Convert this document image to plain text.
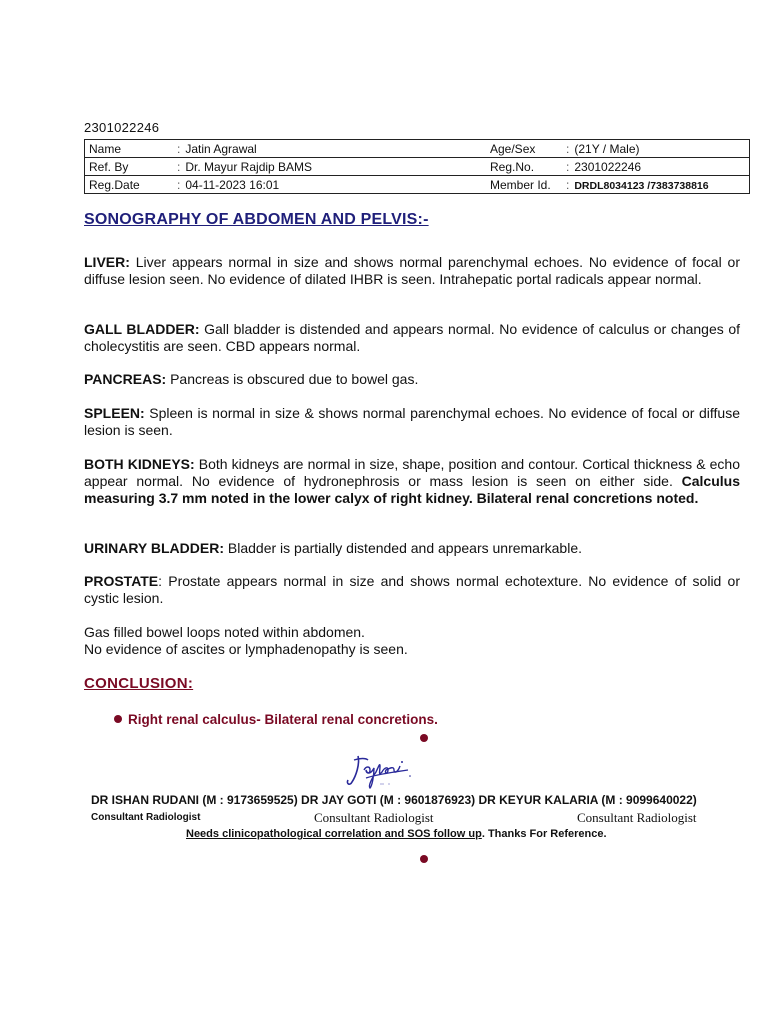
2301022246
Name	: Jatin Agrawal	Age/Sex	: (21Y / Male)
Ref. By	: Dr. Mayur Rajdip BAMS	Reg.No.	: 2301022246
Reg.Date	: 04-11-2023 16:01	Member Id.	: DRDL8034123 /7383738816
SONOGRAPHY OF ABDOMEN AND PELVIS:-
LIVER: Liver appears normal in size and shows normal parenchymal echoes. No evidence of focal or diffuse lesion seen. No evidence of dilated IHBR is seen. Intrahepatic portal radicals appear normal.
GALL BLADDER: Gall bladder is distended and appears normal. No evidence of calculus or changes of cholecystitis are seen. CBD appears normal.
PANCREAS: Pancreas is obscured due to bowel gas.
SPLEEN: Spleen is normal in size & shows normal parenchymal echoes. No evidence of focal or diffuse lesion is seen.
BOTH KIDNEYS: Both kidneys are normal in size, shape, position and contour. Cortical thickness & echo appear normal. No evidence of hydronephrosis or mass lesion is seen on either side. Calculus measuring 3.7 mm noted in the lower calyx of right kidney. Bilateral renal concretions noted.
URINARY BLADDER: Bladder is partially distended and appears unremarkable.
PROSTATE: Prostate appears normal in size and shows normal echotexture. No evidence of solid or cystic lesion.
Gas filled bowel loops noted within abdomen.
No evidence of ascites or lymphadenopathy is seen.
CONCLUSION:
Right renal calculus- Bilateral renal concretions.
DR ISHAN RUDANI (M : 9173659525) DR JAY GOTI (M : 9601876923) DR KEYUR KALARIA (M : 9099640022)
Consultant Radiologist	Consultant Radiologist	Consultant Radiologist
Needs clinicopathological correlation and SOS follow up. Thanks For Reference.
